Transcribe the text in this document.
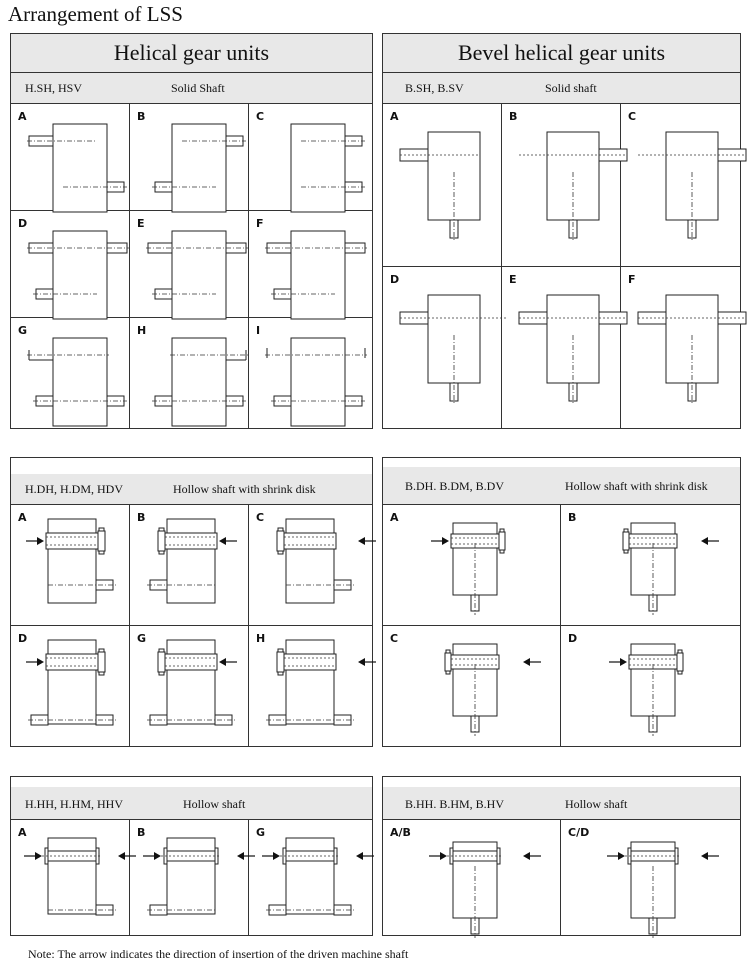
Arrangement of LSS
Helical gear units
H.SH, HSV	Solid Shaft
A	B	C
D	E	F
G	H	I
Bevel helical gear units
B.SH, B.SV	Solid shaft
A	B	C
D	E	F
H.DH, H.DM, HDV	Hollow shaft with shrink disk
A	B	C
D	G	H
B.DH. B.DM, B.DV	Hollow shaft with shrink disk
A	B
C	D
H.HH, H.HM, HHV	Hollow shaft
A	B	G
B.HH. B.HM, B.HV	Hollow shaft
A/B	C/D
Note: The arrow indicates the direction of insertion of the driven machine shaft
